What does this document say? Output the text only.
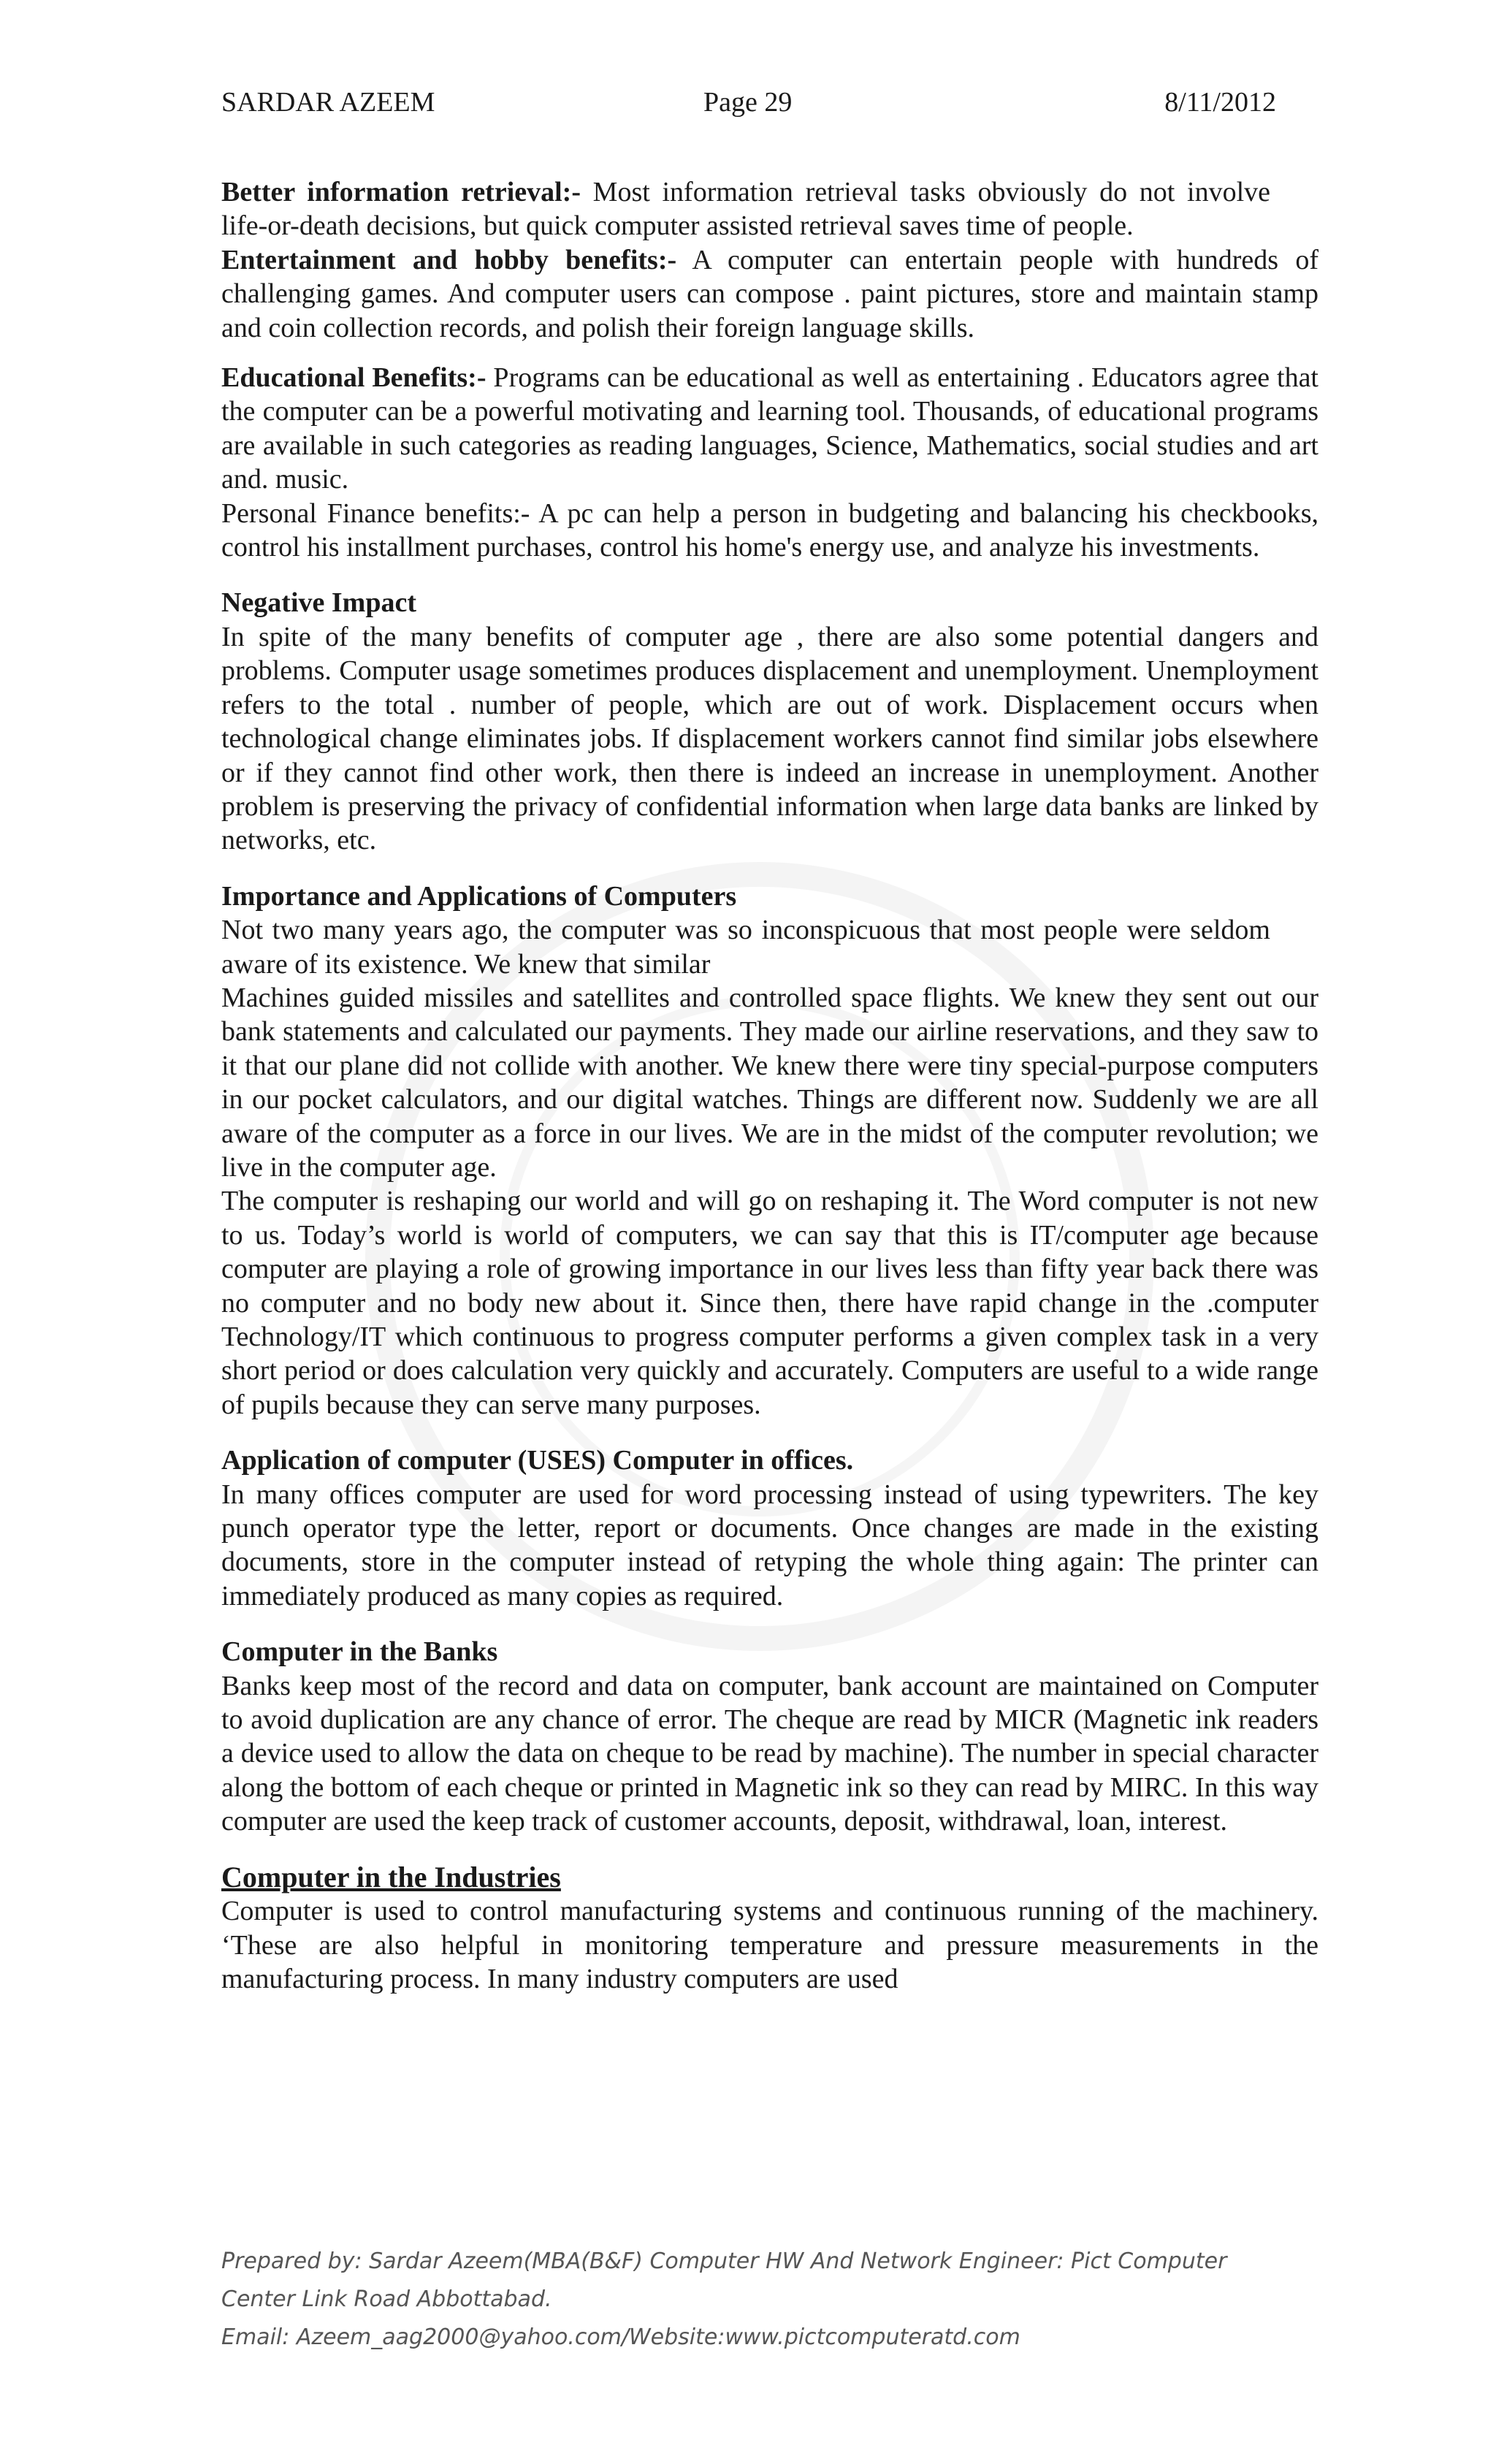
SARDAR AZEEM	Page 29	8/11/2012

Better information retrieval:- Most information retrieval tasks obviously do not involve life-or-death decisions, but quick computer assisted retrieval saves time of people.

Entertainment and hobby benefits:- A computer can entertain people with hundreds of challenging games. And computer users can compose . paint pictures, store and maintain stamp and coin collection records, and polish their foreign language skills.

Educational Benefits:- Programs can be educational as well as entertaining . Educators agree that the computer can be a powerful motivating and learning tool. Thousands, of educational programs are available in such categories as reading languages, Science, Mathematics, social studies and art and. music.

Personal Finance benefits:- A pc can help a person in budgeting and balancing his checkbooks, control his installment purchases, control his home's energy use, and analyze his investments.

Negative Impact

In spite of the many benefits of computer age , there are also some potential dangers and problems. Computer usage sometimes produces displacement and unemployment. Unemployment refers to the total . number of people, which are out of work. Displacement occurs when technological change eliminates jobs. If displacement workers cannot find similar jobs elsewhere or if they cannot find other work, then there is indeed an increase in unemployment. Another problem is preserving the privacy of confidential information when large data banks are linked by networks, etc.

Importance and Applications of Computers

Not two many years ago, the computer was so inconspicuous that most people were seldom aware of its existence. We knew that similar

Machines guided missiles and satellites and controlled space flights. We knew they sent out our bank statements and calculated our payments. They made our airline reservations, and they saw to it that our plane did not collide with another. We knew there were tiny special-purpose computers in our pocket calculators, and our digital watches. Things are different now. Suddenly we are all aware of the computer as a force in our lives. We are in the midst of the computer revolution; we live in the computer age.

The computer is reshaping our world and will go on reshaping it. The Word computer is not new to us. Today’s world is world of computers, we can say that this is IT/computer age because computer are playing a role of growing importance in our lives less than fifty year back there was no computer and no body new about it. Since then, there have rapid change in the .computer Technology/IT which continuous to progress computer performs a given complex task in a very short period or does calculation very quickly and accurately. Computers are useful to a wide range of pupils because they can serve many purposes.

Application of computer (USES) Computer in offices.

In many offices computer are used for word processing instead of using typewriters. The key punch operator type the letter, report or documents. Once changes are made in the existing documents, store in the computer instead of retyping the whole thing again: The printer can immediately produced as many copies as required.

Computer in the Banks

Banks keep most of the record and data on computer, bank account are maintained on Computer to avoid duplication are any chance of error. The cheque are read by MICR (Magnetic ink readers a device used to allow the data on cheque to be read by machine). The number in special character along the bottom of each cheque or printed in Magnetic ink so they can read by MIRC. In this way computer are used the keep track of customer accounts, deposit, withdrawal, loan, interest.

Computer in the Industries

Computer is used to control manufacturing systems and continuous running of the machinery. ‘These are also helpful in monitoring temperature and pressure measurements in the manufacturing process. In many industry computers are used

Prepared by: Sardar Azeem(MBA(B&F) Computer HW And Network Engineer: Pict Computer
Center Link Road Abbottabad.
Email: Azeem_aag2000@yahoo.com/Website:www.pictcomputeratd.com
